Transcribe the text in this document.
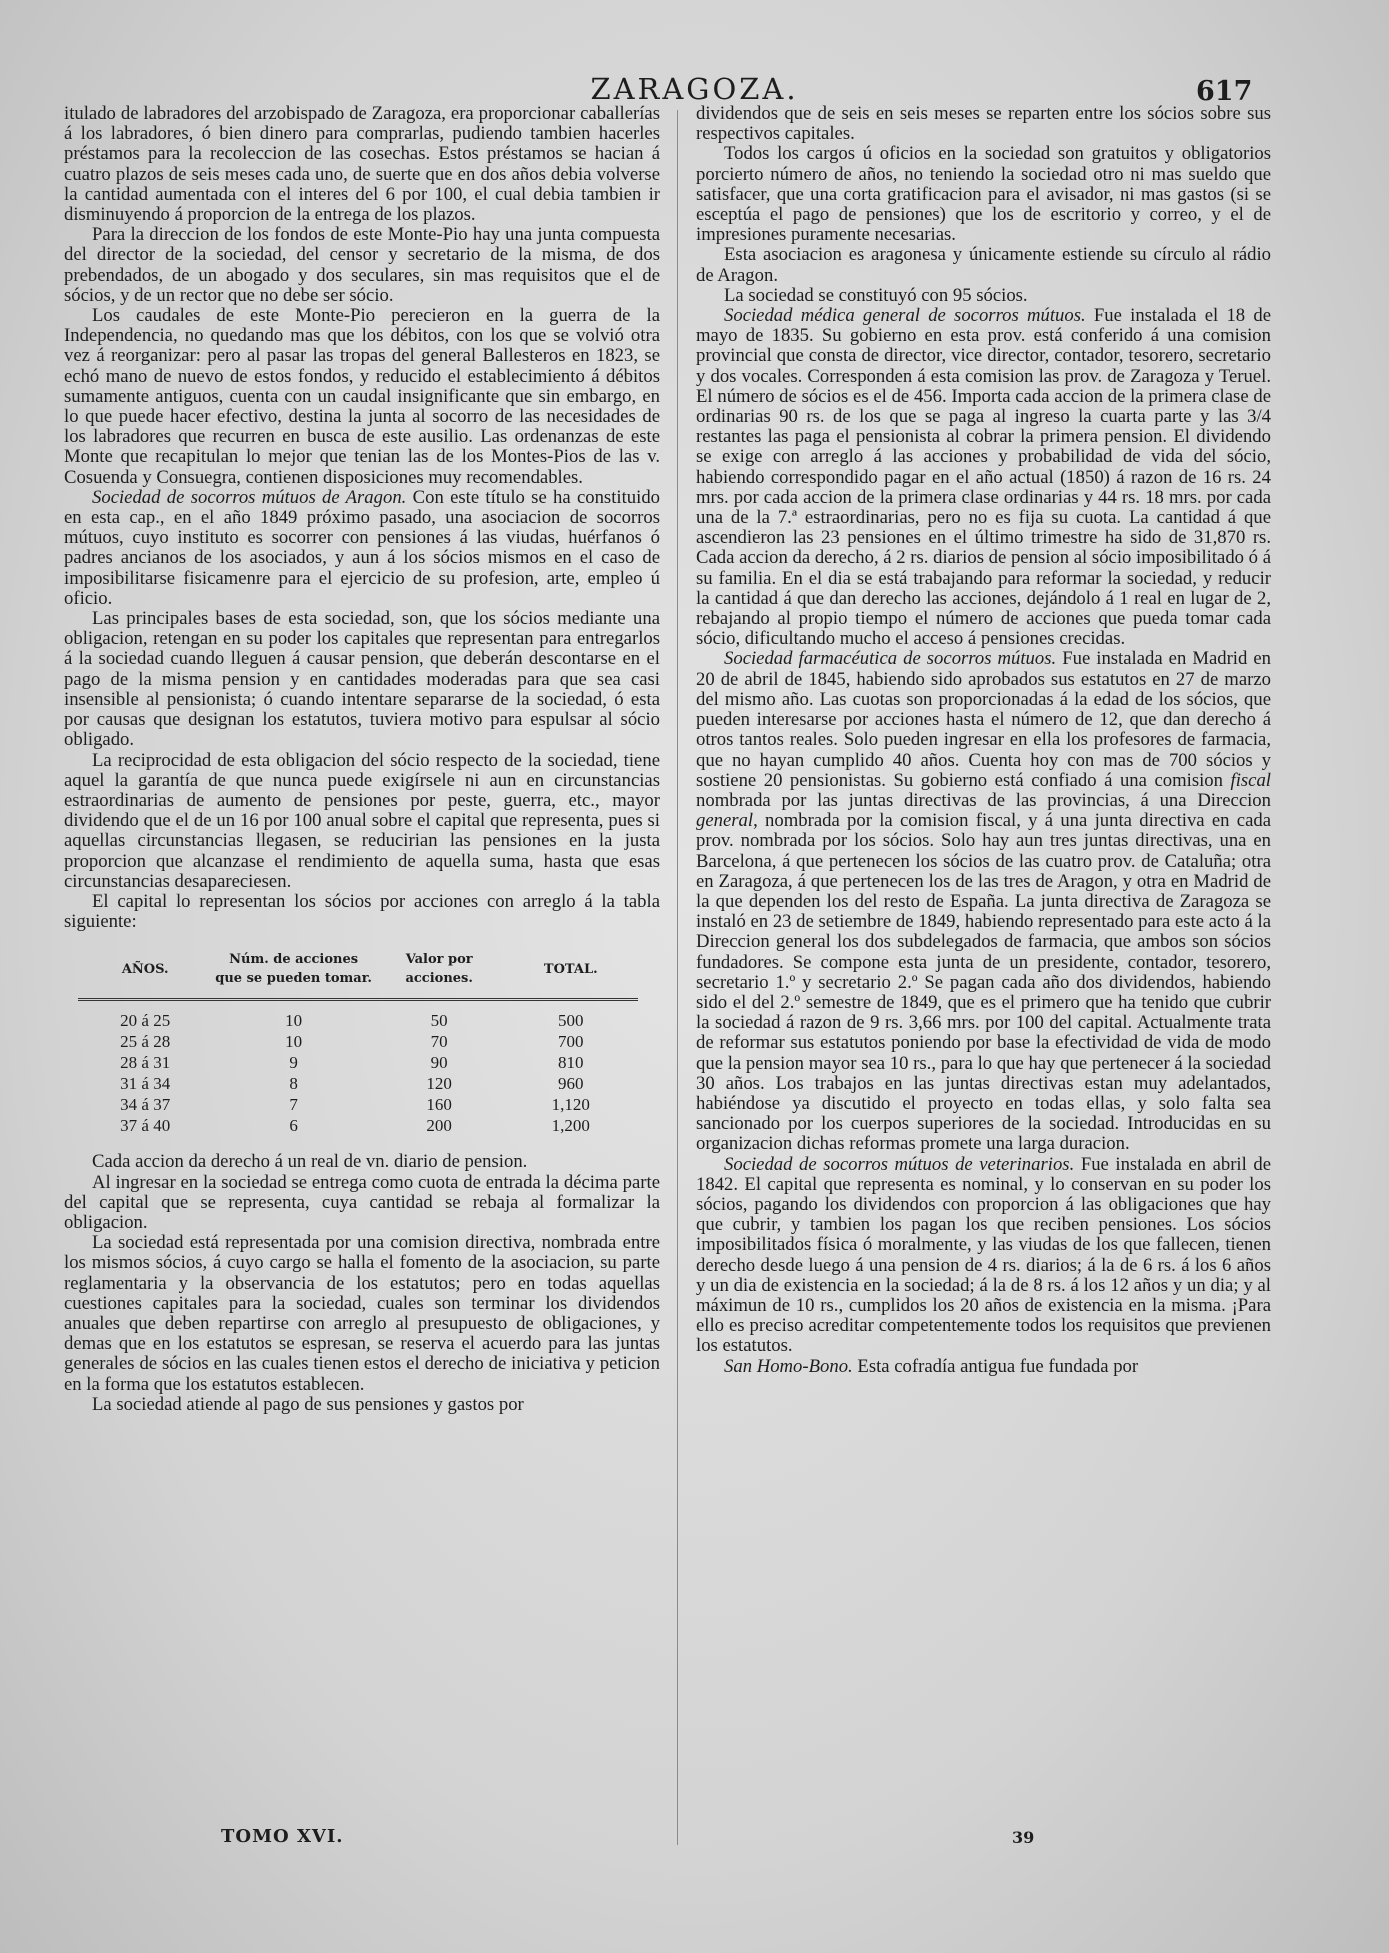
ZARAGOZA.	617

itulado de labradores del arzobispado de Zaragoza, era proporcionar caballerías á los labradores, ó bien dinero para comprarlas, pudiendo tambien hacerles préstamos para la recoleccion de las cosechas. Estos préstamos se hacian á cuatro plazos de seis meses cada uno, de suerte que en dos años debia volverse la cantidad aumentada con el interes del 6 por 100, el cual debia tambien ir disminuyendo á proporcion de la entrega de los plazos.

Para la direccion de los fondos de este Monte-Pio hay una junta compuesta del director de la sociedad, del censor y secretario de la misma, de dos prebendados, de un abogado y dos seculares, sin mas requisitos que el de sócios, y de un rector que no debe ser sócio.

Los caudales de este Monte-Pio perecieron en la guerra de la Independencia, no quedando mas que los débitos, con los que se volvió otra vez á reorganizar: pero al pasar las tropas del general Ballesteros en 1823, se echó mano de nuevo de estos fondos, y reducido el establecimiento á débitos sumamente antiguos, cuenta con un caudal insignificante que sin embargo, en lo que puede hacer efectivo, destina la junta al socorro de las necesidades de los labradores que recurren en busca de este ausilio. Las ordenanzas de este Monte que recapitulan lo mejor que tenian las de los Montes-Pios de las v. Cosuenda y Consuegra, contienen disposiciones muy recomendables.

Sociedad de socorros mútuos de Aragon. Con este título se ha constituido en esta cap., en el año 1849 próximo pasado, una asociacion de socorros mútuos, cuyo instituto es socorrer con pensiones á las viudas, huérfanos ó padres ancianos de los asociados, y aun á los sócios mismos en el caso de imposibilitarse fisicamenre para el ejercicio de su profesion, arte, empleo ú oficio.

Las principales bases de esta sociedad, son, que los sócios mediante una obligacion, retengan en su poder los capitales que representan para entregarlos á la sociedad cuando lleguen á causar pension, que deberán descontarse en el pago de la misma pension y en cantidades moderadas para que sea casi insensible al pensionista; ó cuando intentare separarse de la sociedad, ó esta por causas que designan los estatutos, tuviera motivo para espulsar al sócio obligado.

La reciprocidad de esta obligacion del sócio respecto de la sociedad, tiene aquel la garantía de que nunca puede exigírsele ni aun en circunstancias estraordinarias de aumento de pensiones por peste, guerra, etc., mayor dividendo que el de un 16 por 100 anual sobre el capital que representa, pues si aquellas circunstancias llegasen, se reducirian las pensiones en la justa proporcion que alcanzase el rendimiento de aquella suma, hasta que esas circunstancias desapareciesen.

El capital lo representan los sócios por acciones con arreglo á la tabla siguiente:

AÑOS.	Núm. de acciones que se pueden tomar.	Valor por acciones.	TOTAL.
20 á 25	10	50	500
25 á 28	10	70	700
28 á 31	9	90	810
31 á 34	8	120	960
34 á 37	7	160	1,120
37 á 40	6	200	1,200

Cada accion da derecho á un real de vn. diario de pension.

Al ingresar en la sociedad se entrega como cuota de entrada la décima parte del capital que se representa, cuya cantidad se rebaja al formalizar la obligacion.

La sociedad está representada por una comision directiva, nombrada entre los mismos sócios, á cuyo cargo se halla el fomento de la asociacion, su parte reglamentaria y la observancia de los estatutos; pero en todas aquellas cuestiones capitales para la sociedad, cuales son terminar los dividendos anuales que deben repartirse con arreglo al presupuesto de obligaciones, y demas que en los estatutos se espresan, se reserva el acuerdo para las juntas generales de sócios en las cuales tienen estos el derecho de iniciativa y peticion en la forma que los estatutos establecen.

La sociedad atiende al pago de sus pensiones y gastos por

dividendos que de seis en seis meses se reparten entre los sócios sobre sus respectivos capitales.

Todos los cargos ú oficios en la sociedad son gratuitos y obligatorios porcierto número de años, no teniendo la sociedad otro ni mas sueldo que satisfacer, que una corta gratificacion para el avisador, ni mas gastos (si se esceptúa el pago de pensiones) que los de escritorio y correo, y el de impresiones puramente necesarias.

Esta asociacion es aragonesa y únicamente estiende su círculo al rádio de Aragon.

La sociedad se constituyó con 95 sócios.

Sociedad médica general de socorros mútuos. Fue instalada el 18 de mayo de 1835. Su gobierno en esta prov. está conferido á una comision provincial que consta de director, vice director, contador, tesorero, secretario y dos vocales. Corresponden á esta comision las prov. de Zaragoza y Teruel. El número de sócios es el de 456. Importa cada accion de la primera clase de ordinarias 90 rs. de los que se paga al ingreso la cuarta parte y las 3/4 restantes las paga el pensionista al cobrar la primera pension. El dividendo se exige con arreglo á las acciones y probabilidad de vida del sócio, habiendo correspondido pagar en el año actual (1850) á razon de 16 rs. 24 mrs. por cada accion de la primera clase ordinarias y 44 rs. 18 mrs. por cada una de la 7.ª estraordinarias, pero no es fija su cuota. La cantidad á que ascendieron las 23 pensiones en el último trimestre ha sido de 31,870 rs. Cada accion da derecho, á 2 rs. diarios de pension al sócio imposibilitado ó á su familia. En el dia se está trabajando para reformar la sociedad, y reducir la cantidad á que dan derecho las acciones, dejándolo á 1 real en lugar de 2, rebajando al propio tiempo el número de acciones que pueda tomar cada sócio, dificultando mucho el acceso á pensiones crecidas.

Sociedad farmacéutica de socorros mútuos. Fue instalada en Madrid en 20 de abril de 1845, habiendo sido aprobados sus estatutos en 27 de marzo del mismo año. Las cuotas son proporcionadas á la edad de los sócios, que pueden interesarse por acciones hasta el número de 12, que dan derecho á otros tantos reales. Solo pueden ingresar en ella los profesores de farmacia, que no hayan cumplido 40 años. Cuenta hoy con mas de 700 sócios y sostiene 20 pensionistas. Su gobierno está confiado á una comision fiscal nombrada por las juntas directivas de las provincias, á una Direccion general, nombrada por la comision fiscal, y á una junta directiva en cada prov. nombrada por los sócios. Solo hay aun tres juntas directivas, una en Barcelona, á que pertenecen los sócios de las cuatro prov. de Cataluña; otra en Zaragoza, á que pertenecen los de las tres de Aragon, y otra en Madrid de la que dependen los del resto de España. La junta directiva de Zaragoza se instaló en 23 de setiembre de 1849, habiendo representado para este acto á la Direccion general los dos subdelegados de farmacia, que ambos son sócios fundadores. Se compone esta junta de un presidente, contador, tesorero, secretario 1.º y secretario 2.º Se pagan cada año dos dividendos, habiendo sido el del 2.º semestre de 1849, que es el primero que ha tenido que cubrir la sociedad á razon de 9 rs. 3,66 mrs. por 100 del capital. Actualmente trata de reformar sus estatutos poniendo por base la efectividad de vida de modo que la pension mayor sea 10 rs., para lo que hay que pertenecer á la sociedad 30 años. Los trabajos en las juntas directivas estan muy adelantados, habiéndose ya discutido el proyecto en todas ellas, y solo falta sea sancionado por los cuerpos superiores de la sociedad. Introducidas en su organizacion dichas reformas promete una larga duracion.

Sociedad de socorros mútuos de veterinarios. Fue instalada en abril de 1842. El capital que representa es nominal, y lo conservan en su poder los sócios, pagando los dividendos con proporcion á las obligaciones que hay que cubrir, y tambien los pagan los que reciben pensiones. Los sócios imposibilitados física ó moralmente, y las viudas de los que fallecen, tienen derecho desde luego á una pension de 4 rs. diarios; á la de 6 rs. á los 6 años y un dia de existencia en la sociedad; á la de 8 rs. á los 12 años y un dia; y al máximun de 10 rs., cumplidos los 20 años de existencia en la misma. ¡Para ello es preciso acreditar competentemente todos los requisitos que previenen los estatutos.

San Homo-Bono. Esta cofradía antigua fue fundada por

TOMO XVI.	39
